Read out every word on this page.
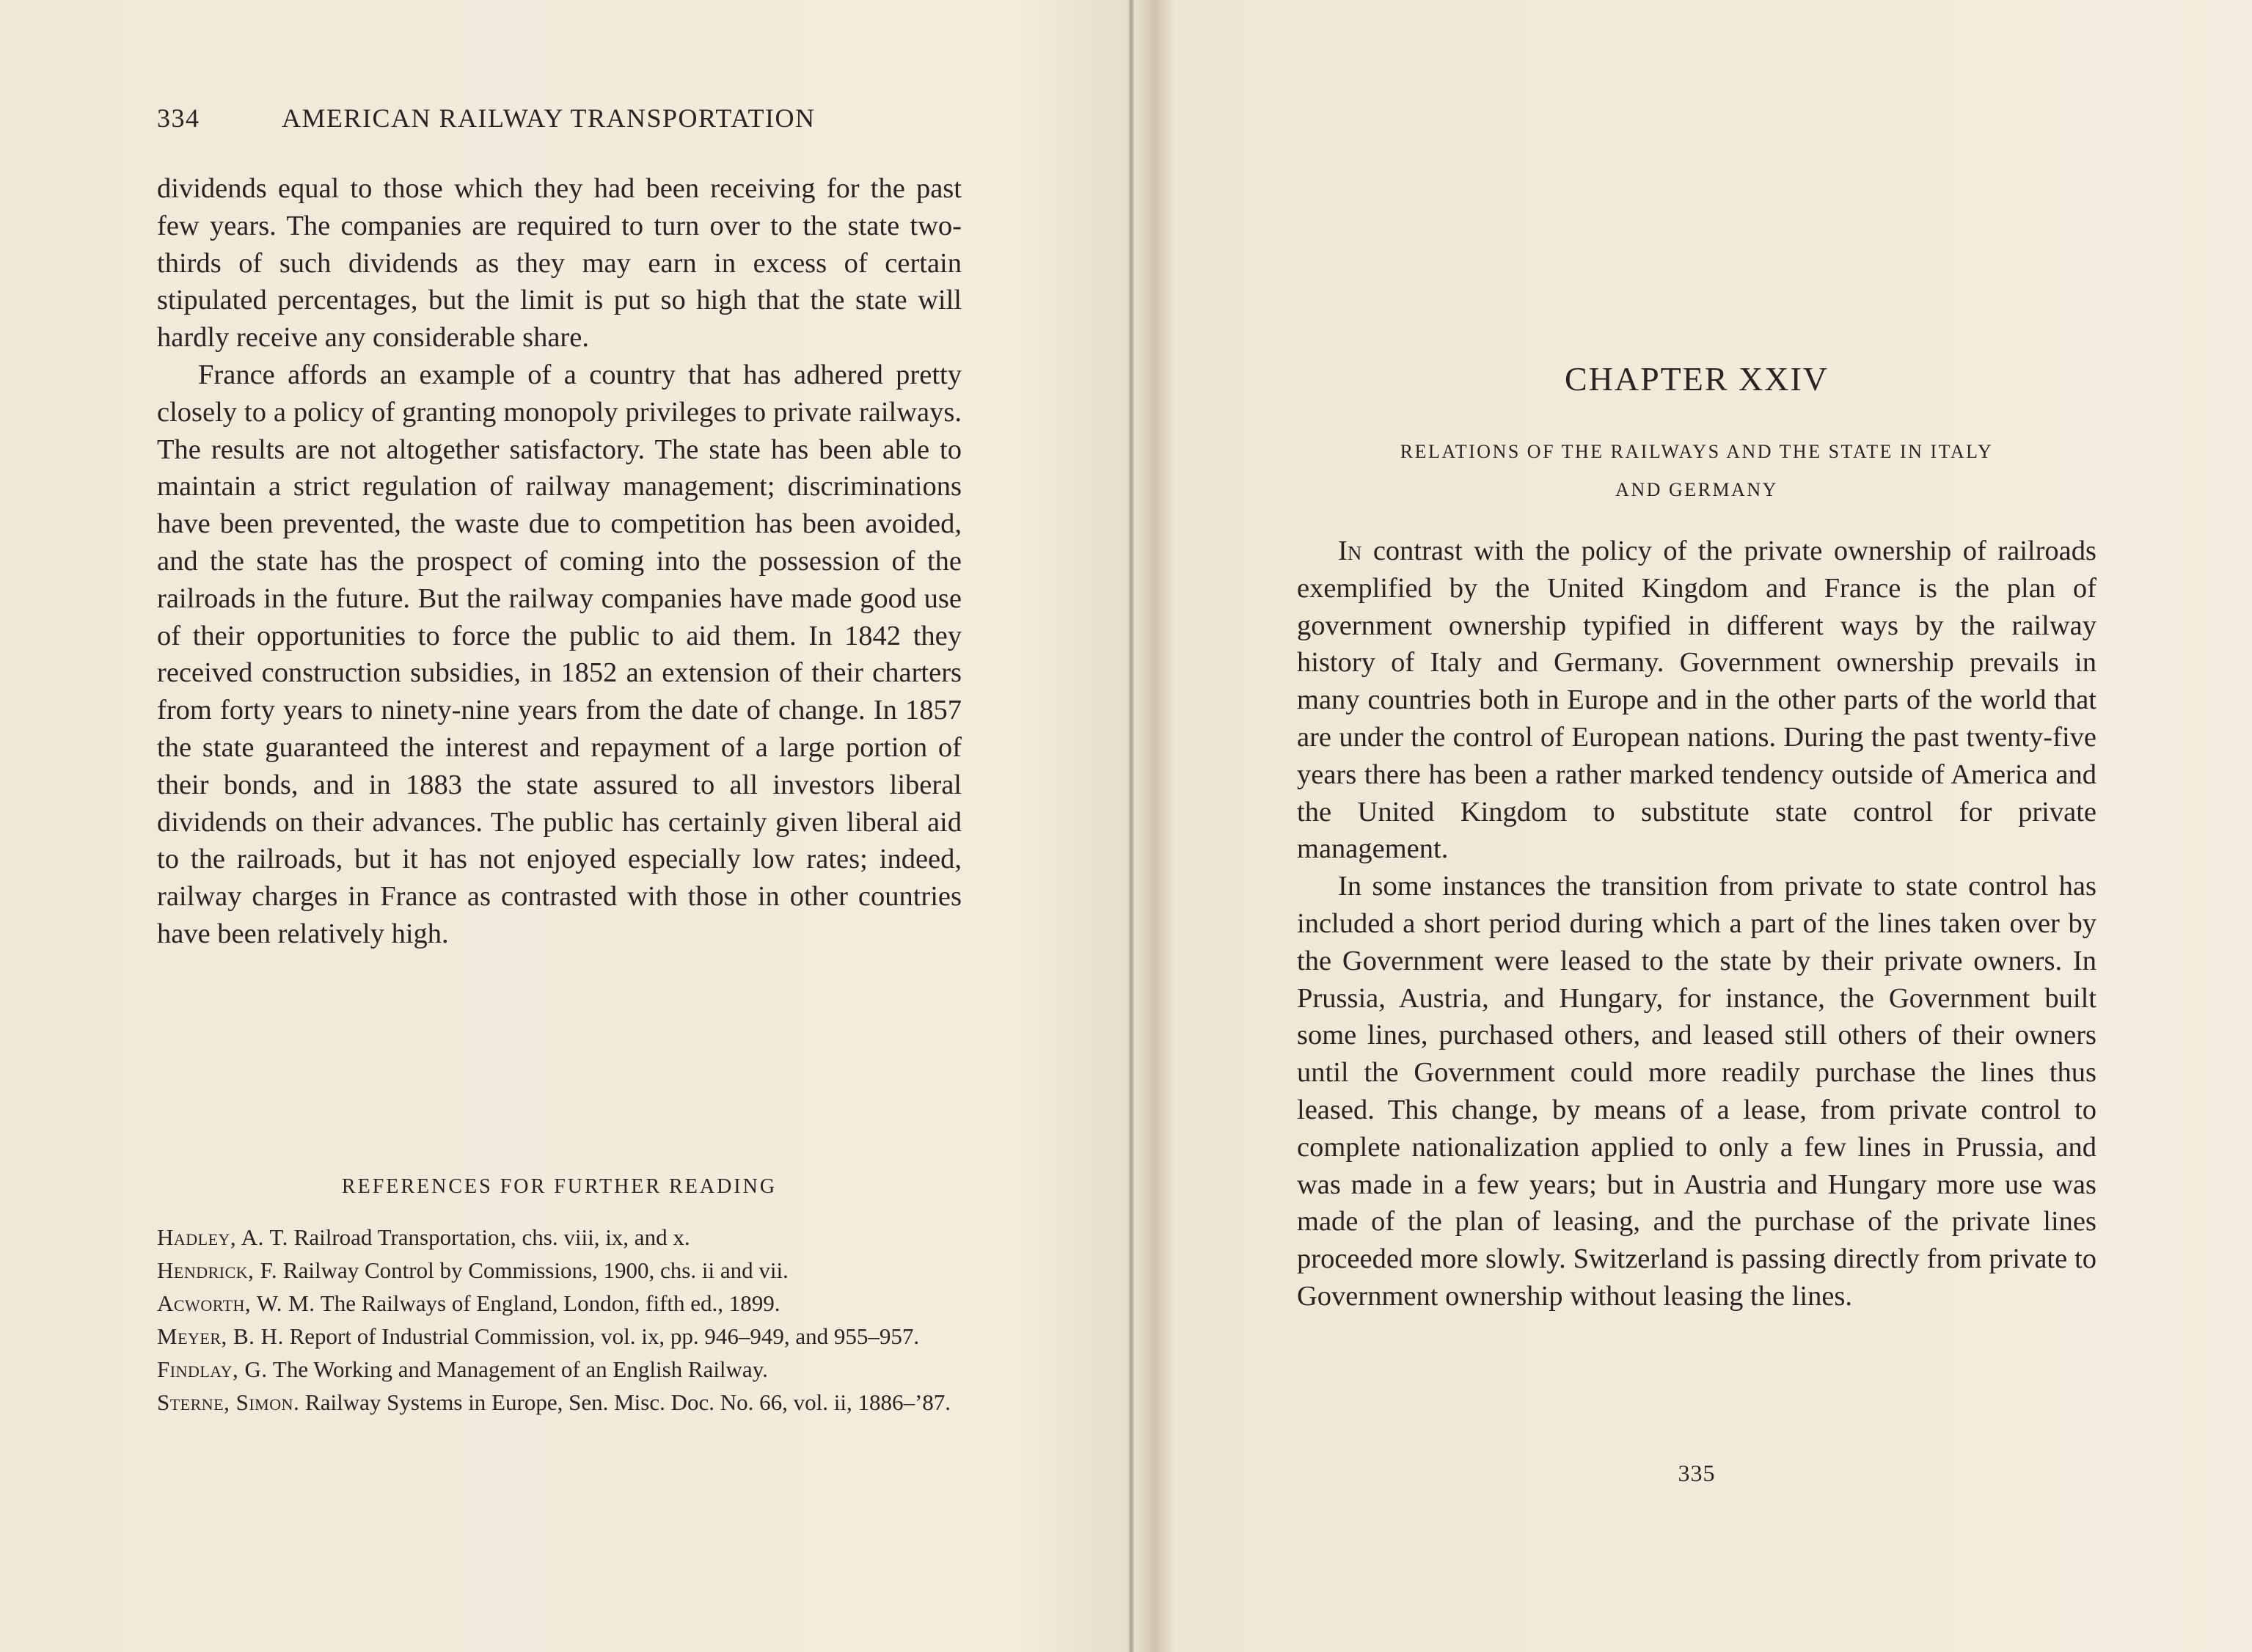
334	AMERICAN RAILWAY TRANSPORTATION

dividends equal to those which they had been receiving for the past few years. The companies are required to turn over to the state two-thirds of such dividends as they may earn in excess of certain stipulated percentages, but the limit is put so high that the state will hardly receive any considerable share.

France affords an example of a country that has adhered pretty closely to a policy of granting monopoly privileges to private railways. The results are not altogether satisfactory. The state has been able to maintain a strict regulation of railway management; discriminations have been prevented, the waste due to competition has been avoided, and the state has the prospect of coming into the possession of the railroads in the future. But the railway companies have made good use of their opportunities to force the public to aid them. In 1842 they received construction subsidies, in 1852 an extension of their charters from forty years to ninety-nine years from the date of change. In 1857 the state guaranteed the interest and repayment of a large portion of their bonds, and in 1883 the state assured to all investors liberal dividends on their advances. The public has certainly given liberal aid to the railroads, but it has not enjoyed especially low rates; indeed, railway charges in France as contrasted with those in other countries have been relatively high.

REFERENCES FOR FURTHER READING

Hadley, A. T. Railroad Transportation, chs. viii, ix, and x.

Hendrick, F. Railway Control by Commissions, 1900, chs. ii and vii.

Acworth, W. M. The Railways of England, London, fifth ed., 1899.

Meyer, B. H. Report of Industrial Commission, vol. ix, pp. 946–949, and 955–957.

Findlay, G. The Working and Management of an English Railway.

Sterne, Simon. Railway Systems in Europe, Sen. Misc. Doc. No. 66, vol. ii, 1886–’87.

CHAPTER XXIV
RELATIONS OF THE RAILWAYS AND THE STATE IN ITALY
AND GERMANY

In contrast with the policy of the private ownership of railroads exemplified by the United Kingdom and France is the plan of government ownership typified in different ways by the railway history of Italy and Germany. Government ownership prevails in many countries both in Europe and in the other parts of the world that are under the control of European nations. During the past twenty-five years there has been a rather marked tendency outside of America and the United Kingdom to substitute state control for private management.

In some instances the transition from private to state control has included a short period during which a part of the lines taken over by the Government were leased to the state by their private owners. In Prussia, Austria, and Hungary, for instance, the Government built some lines, purchased others, and leased still others of their owners until the Government could more readily purchase the lines thus leased. This change, by means of a lease, from private control to complete nationalization applied to only a few lines in Prussia, and was made in a few years; but in Austria and Hungary more use was made of the plan of leasing, and the purchase of the private lines proceeded more slowly. Switzerland is passing directly from private to Government ownership without leasing the lines.

335
